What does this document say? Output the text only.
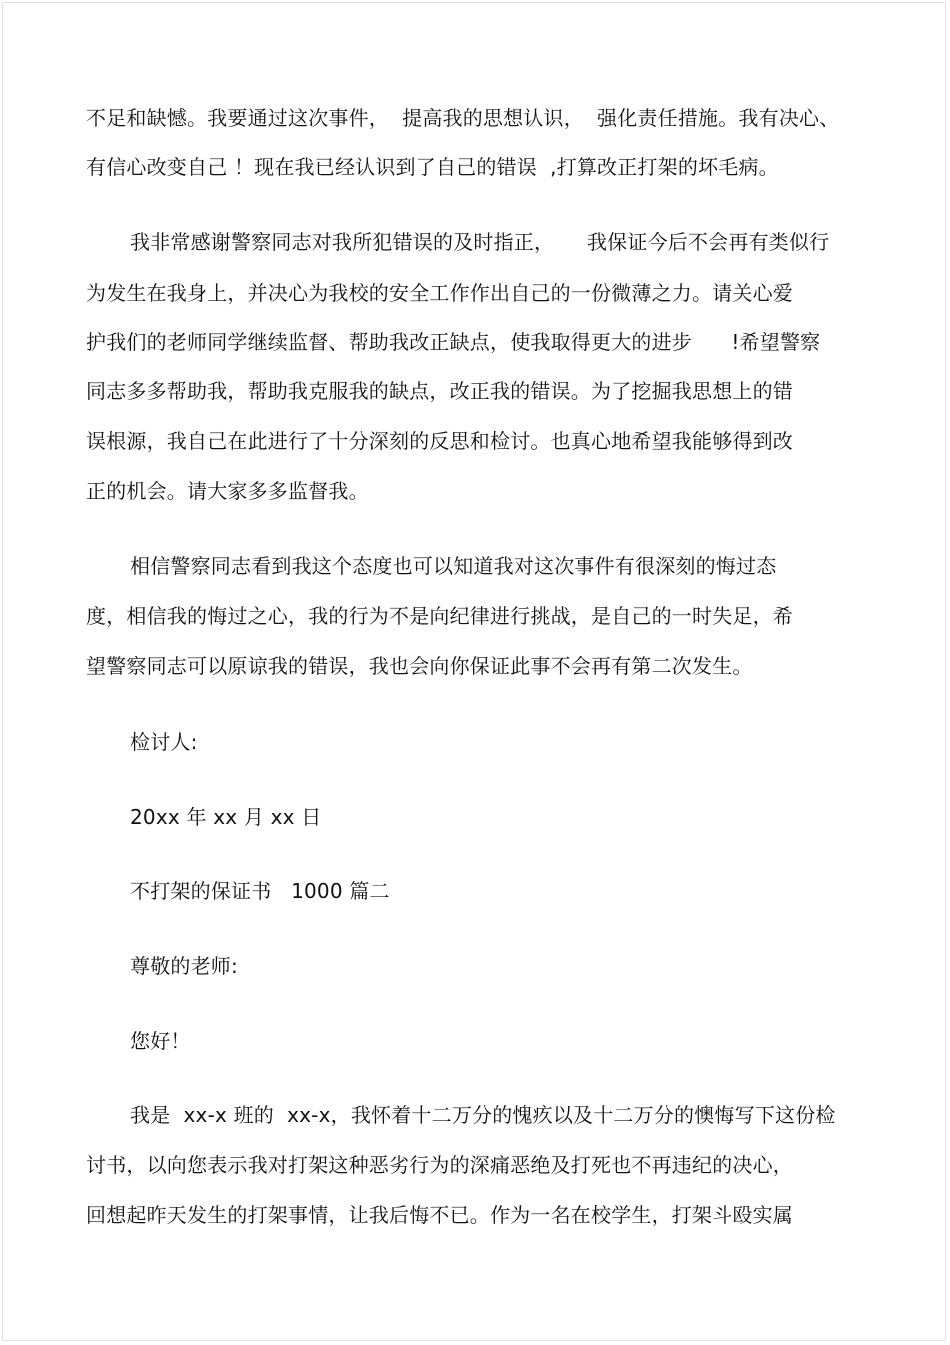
不足和缺憾。我要通过这次事件，  提高我的思想认识，  强化责任措施。我有决心、
有信心改变自己 ！现在我已经认识到了自己的错误  ,打算改正打架的坏毛病。
我非常感谢警察同志对我所犯错误的及时指正，     我保证今后不会再有类似行
为发生在我身上，并决心为我校的安全工作作出自己的一份微薄之力。请关心爱
护我们的老师同学继续监督、帮助我改正缺点，使我取得更大的进步      !希望警察
同志多多帮助我，帮助我克服我的缺点，改正我的错误。为了挖掘我思想上的错
误根源，我自己在此进行了十分深刻的反思和检讨。也真心地希望我能够得到改
正的机会。请大家多多监督我。
相信警察同志看到我这个态度也可以知道我对这次事件有很深刻的悔过态
度，相信我的悔过之心，我的行为不是向纪律进行挑战，是自己的一时失足，希
望警察同志可以原谅我的错误，我也会向你保证此事不会再有第二次发生。
检讨人:
20xx 年 xx 月 xx 日
不打架的保证书   1000 篇二
尊敬的老师:
您好！
我是  xx-x 班的  xx-x，我怀着十二万分的愧疚以及十二万分的懊悔写下这份检
讨书，以向您表示我对打架这种恶劣行为的深痛恶绝及打死也不再违纪的决心，
回想起昨天发生的打架事情，让我后悔不已。作为一名在校学生，打架斗殴实属
